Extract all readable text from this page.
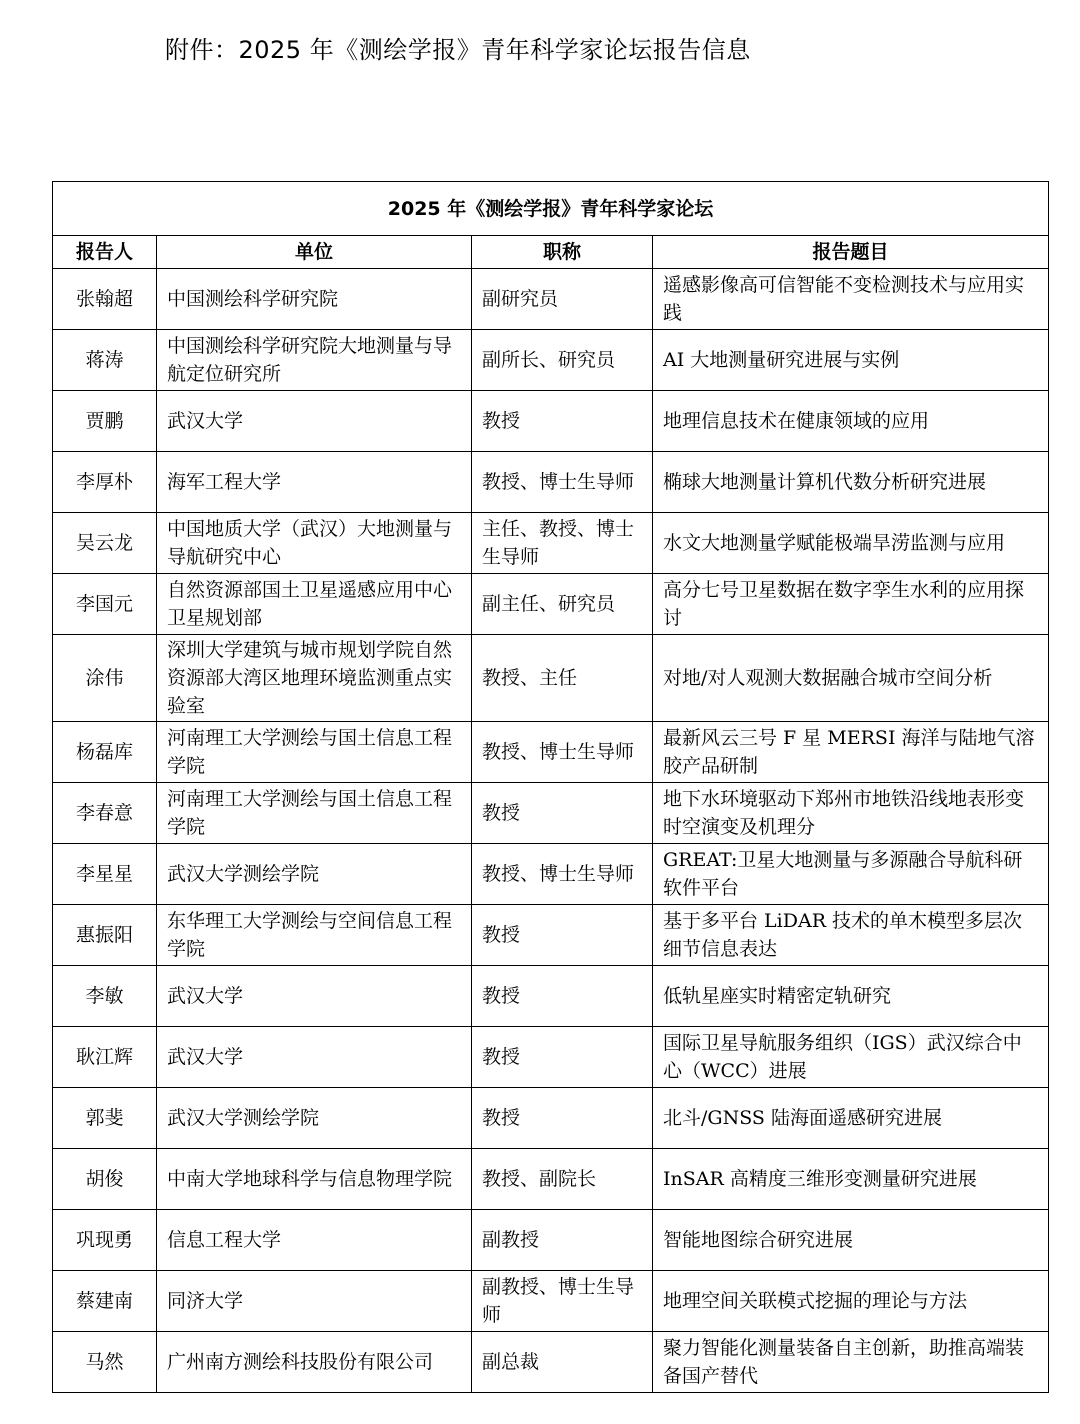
附件：2025 年《测绘学报》青年科学家论坛报告信息
2025 年《测绘学报》青年科学家论坛			
报告人	单位	职称	报告题目
张翰超	中国测绘科学研究院	副研究员	遥感影像高可信智能不变检测技术与应用实践
蒋涛	中国测绘科学研究院大地测量与导航定位研究所	副所长、研究员	AI 大地测量研究进展与实例
贾鹏	武汉大学	教授	地理信息技术在健康领域的应用
李厚朴	海军工程大学	教授、博士生导师	椭球大地测量计算机代数分析研究进展
吴云龙	中国地质大学（武汉）大地测量与导航研究中心	主任、教授、博士生导师	水文大地测量学赋能极端旱涝监测与应用
李国元	自然资源部国土卫星遥感应用中心卫星规划部	副主任、研究员	高分七号卫星数据在数字孪生水利的应用探讨
涂伟	深圳大学建筑与城市规划学院自然资源部大湾区地理环境监测重点实验室	教授、主任	对地/对人观测大数据融合城市空间分析
杨磊库	河南理工大学测绘与国土信息工程学院	教授、博士生导师	最新风云三号 F 星 MERSI 海洋与陆地气溶胶产品研制
李春意	河南理工大学测绘与国土信息工程学院	教授	地下水环境驱动下郑州市地铁沿线地表形变时空演变及机理分
李星星	武汉大学测绘学院	教授、博士生导师	GREAT:卫星大地测量与多源融合导航科研软件平台
惠振阳	东华理工大学测绘与空间信息工程学院	教授	基于多平台 LiDAR 技术的单木模型多层次细节信息表达
李敏	武汉大学	教授	低轨星座实时精密定轨研究
耿江辉	武汉大学	教授	国际卫星导航服务组织（IGS）武汉综合中心（WCC）进展
郭斐	武汉大学测绘学院	教授	北斗/GNSS 陆海面遥感研究进展
胡俊	中南大学地球科学与信息物理学院	教授、副院长	InSAR 高精度三维形变测量研究进展
巩现勇	信息工程大学	副教授	智能地图综合研究进展
蔡建南	同济大学	副教授、博士生导师	地理空间关联模式挖掘的理论与方法
马然	广州南方测绘科技股份有限公司	副总裁	聚力智能化测量装备自主创新，助推高端装备国产替代
